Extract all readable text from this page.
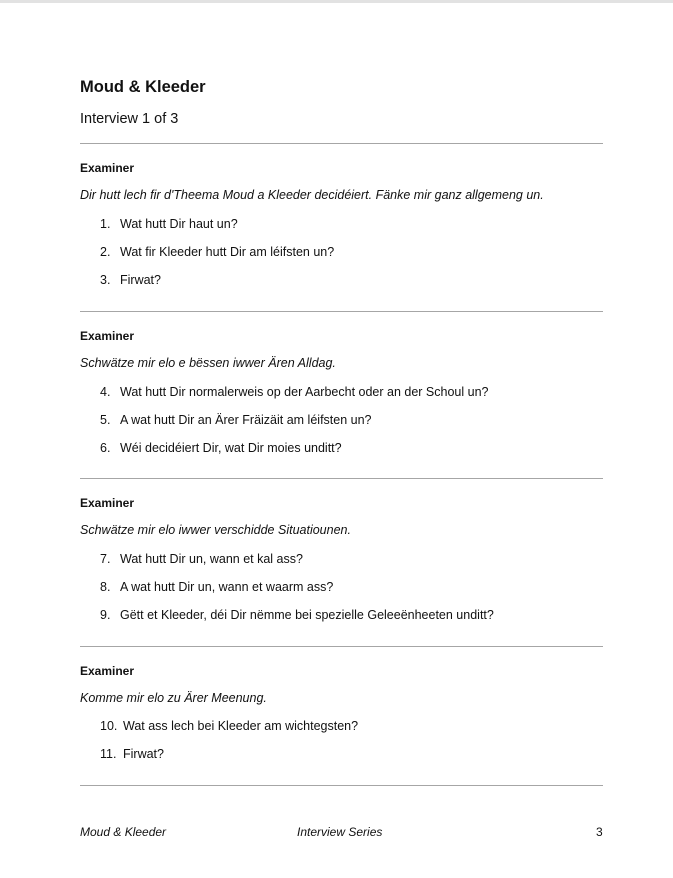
Moud & Kleeder
Interview 1 of 3
Examiner
Dir hutt lech fir d'Theema Moud a Kleeder decidéiert. Fänke mir ganz allgemeng un.
1. Wat hutt Dir haut un?
2. Wat fir Kleeder hutt Dir am léifsten un?
3. Firwat?
Examiner
Schwätze mir elo e bëssen iwwer Ären Alldag.
4. Wat hutt Dir normalerweis op der Aarbecht oder an der Schoul un?
5. A wat hutt Dir an Ärer Fräizäit am léifsten un?
6. Wéi decidéiert Dir, wat Dir moies unditt?
Examiner
Schwätze mir elo iwwer verschidde Situatiounen.
7. Wat hutt Dir un, wann et kal ass?
8. A wat hutt Dir un, wann et waarm ass?
9. Gëtt et Kleeder, déi Dir nëmme bei spezielle Geleeënheeten unditt?
Examiner
Komme mir elo zu Ärer Meenung.
10. Wat ass lech bei Kleeder am wichtegsten?
11. Firwat?
Moud & Kleeder	Interview Series	3
